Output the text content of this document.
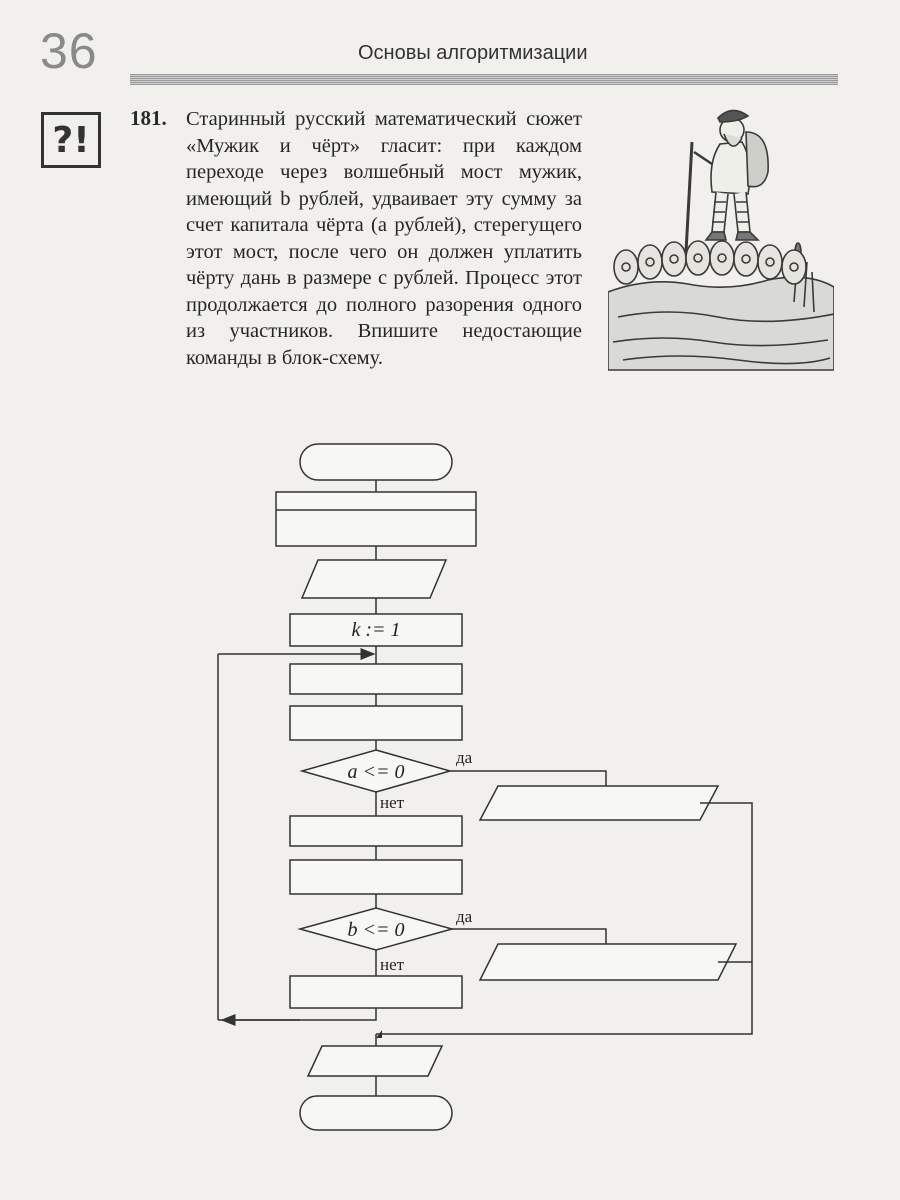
36	Основы алгоритмизации
?!
181. Старинный русский математический сюжет «Мужик и чёрт» гласит: при каждом переходе через волшебный мост мужик, имеющий b рублей, удваивает эту сумму за счет капитала чёрта (a рублей), стерегущего этот мост, после чего он должен уплатить чёрту дань в размере c рублей. Процесс этот продолжается до полного разорения одного из участников. Впишите недостающие команды в блок-схему.
k := 1
a <= 0
да
нет
b <= 0
да
нет
